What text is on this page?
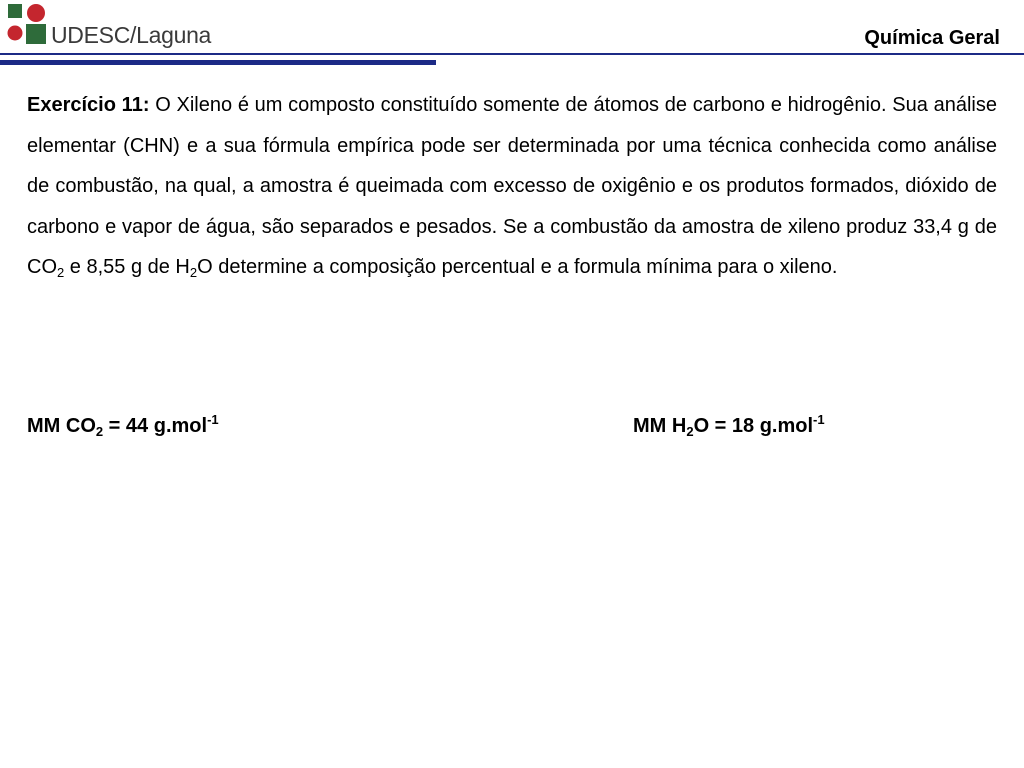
UDESC/Laguna	Química Geral

Exercício 11: O Xileno é um composto constituído somente de átomos de carbono e hidrogênio. Sua análise elementar (CHN) e a sua fórmula empírica pode ser determinada por uma técnica conhecida como análise de combustão, na qual, a amostra é queimada com excesso de oxigênio e os produtos formados, dióxido de carbono e vapor de água, são separados e pesados. Se a combustão da amostra de xileno produz 33,4 g de $CO_2$ e 8,55 g de $H_2O$ determine a composição percentual e a formula mínima para o xileno.

MM $CO_2 = 44$ g.mol$^{-1}$	MM $H_2O = 18$ g.mol$^{-1}$
